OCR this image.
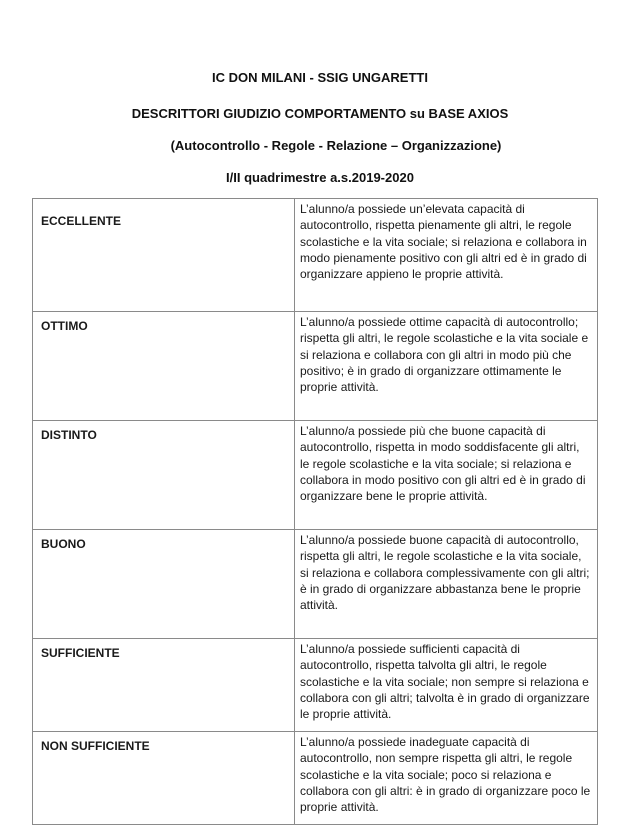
IC DON MILANI - SSIG UNGARETTI
DESCRITTORI GIUDIZIO COMPORTAMENTO su BASE AXIOS
(Autocontrollo - Regole - Relazione – Organizzazione)
I/II quadrimestre a.s.2019-2020
ECCELLENTE	L’alunno/a possiede un’elevata capacità di autocontrollo, rispetta pienamente gli altri, le regole scolastiche e la vita sociale; si relaziona e collabora in modo pienamente positivo con gli altri ed è in grado di organizzare appieno le proprie attività.
OTTIMO	L’alunno/a possiede ottime capacità di autocontrollo; rispetta gli altri, le regole scolastiche e la vita sociale e si relaziona e collabora con gli altri in modo più che positivo; è in grado di organizzare ottimamente le proprie attività.
DISTINTO	L’alunno/a possiede più che buone capacità di autocontrollo, rispetta in modo soddisfacente gli altri, le regole scolastiche e la vita sociale; si relaziona e collabora in modo positivo con gli altri ed è in grado di organizzare bene le proprie attività.
BUONO	L’alunno/a possiede buone capacità di autocontrollo, rispetta gli altri, le regole scolastiche e la vita sociale, si relaziona e collabora complessivamente con gli altri; è in grado di organizzare abbastanza bene le proprie attività.
SUFFICIENTE	L’alunno/a possiede sufficienti capacità di autocontrollo, rispetta talvolta gli altri, le regole scolastiche e la vita sociale; non sempre si relaziona e collabora con gli altri; talvolta è in grado di organizzare le proprie attività.
NON SUFFICIENTE	L’alunno/a possiede inadeguate capacità di autocontrollo, non sempre rispetta gli altri, le regole scolastiche e la vita sociale; poco si relaziona e collabora con gli altri: è in grado di organizzare poco le proprie attività.
